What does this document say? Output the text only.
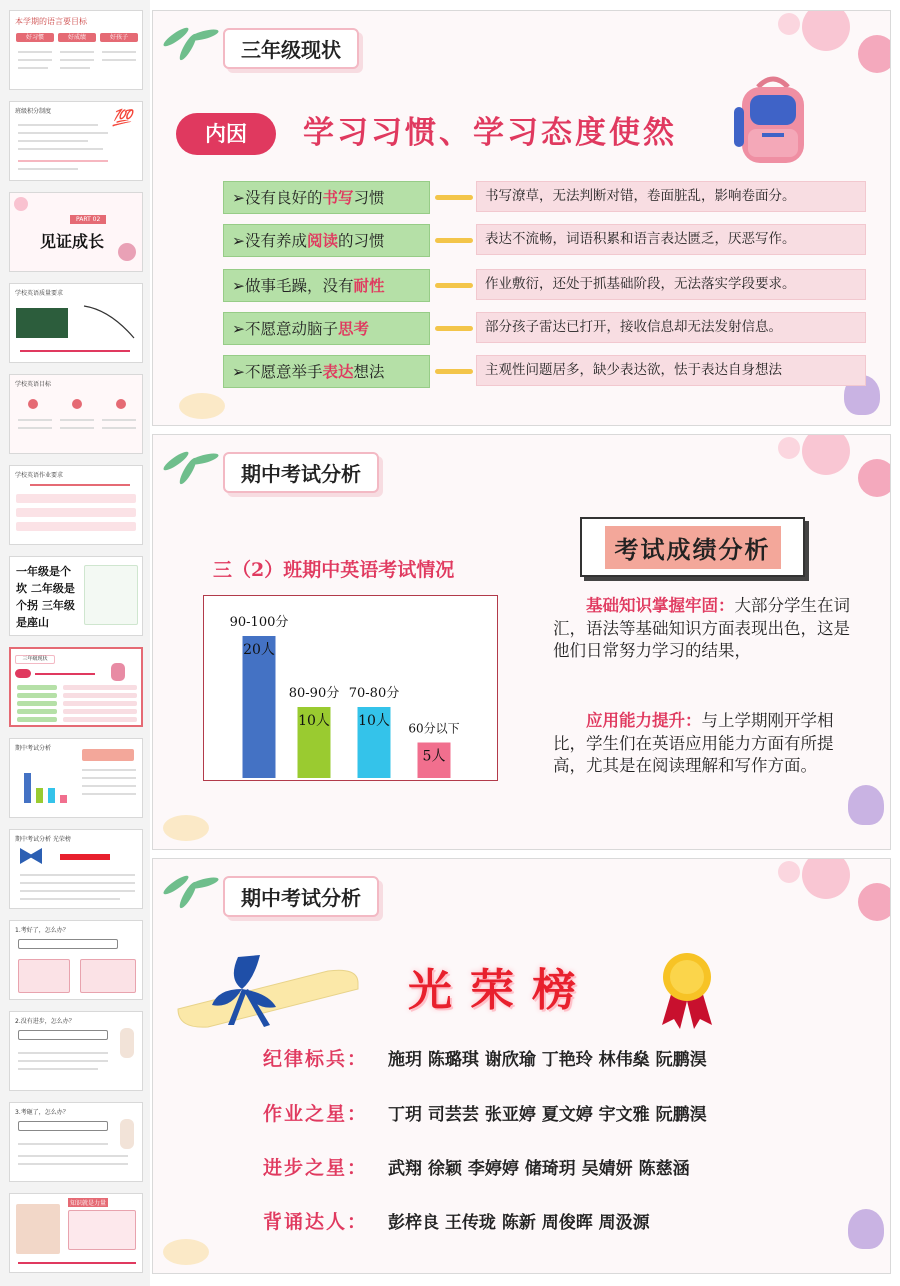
本学期的语言要目标
好习惯	好成绩	好孩子
班级积分制度	💯
PART 02
见证成长
学校英语质量要求
学校英语目标
学校英语作业要求
一年级是个坎 二年级是个拐 三年级是座山
三年级现状
期中考试分析
期中考试分析 光荣榜
1.考好了，怎么办？
2.没有进步，怎么办？
3.考砸了，怎么办？
知识就是力量
三年级现状
内因	学习习惯、学习态度使然
➢没有良好的书写习惯	书写潦草，无法判断对错，卷面脏乱，影响卷面分。
➢没有养成阅读的习惯	表达不流畅，词语积累和语言表达匮乏，厌恶写作。
➢做事毛躁，没有耐性	作业敷衍，还处于抓基础阶段，无法落实学段要求。
➢不愿意动脑子思考	部分孩子雷达已打开，接收信息却无法发射信息。
➢不愿意举手表达想法	主观性问题居多，缺少表达欲，怯于表达自身想法
期中考试分析
三（2）班期中英语考试情况
20人
90-100分
10人
80-90分
10人
70-80分
5人
60分以下
考试成绩分析
基础知识掌握牢固：大部分学生在词汇，语法等基础知识方面表现出色，这是他们日常努力学习的结果，
应用能力提升：与上学期刚开学相比，学生们在英语应用能力方面有所提高，尤其是在阅读理解和写作方面。
期中考试分析
光荣榜
纪律标兵： 施玥 陈璐琪 谢欣瑜 丁艳玲 林伟燊 阮鹏淏
作业之星： 丁玥 司芸芸 张亚婷 夏文婷 宇文雅 阮鹏淏
进步之星： 武翔 徐颖 李婷婷 储琦玥 吴婧妍 陈慈涵
背诵达人： 彭梓良 王传珑 陈新 周俊晖 周汲源
